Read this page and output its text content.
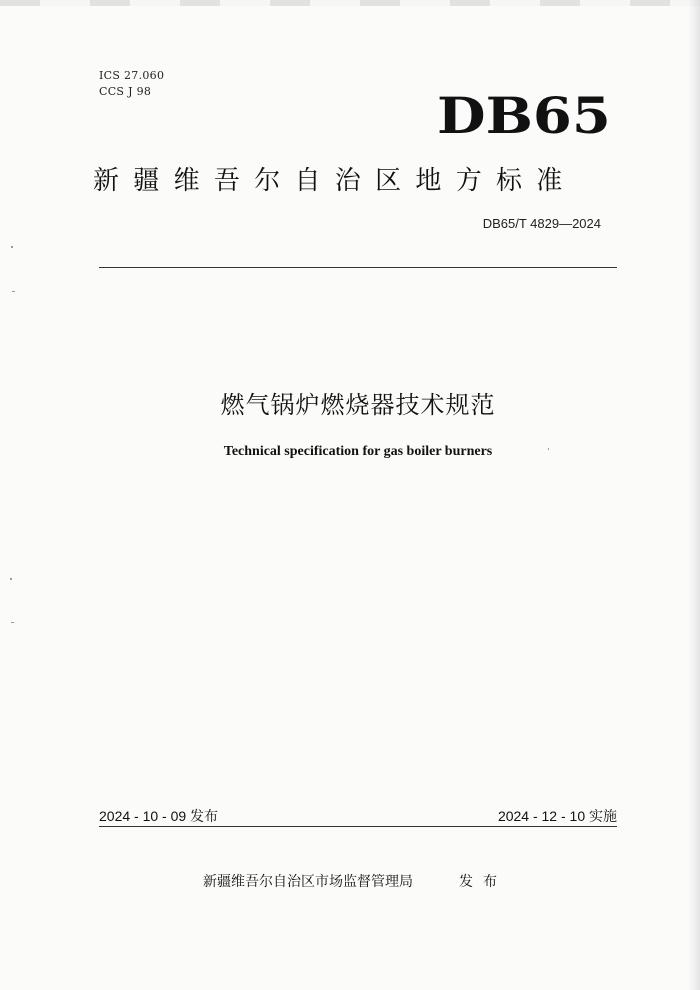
ICS 27.060
CCS J 98	DB65
新疆维吾尔自治区地方标准
DB65/T 4829—2024
燃气锅炉燃烧器技术规范
Technical specification for gas boiler burners
2024 - 10 - 09 发布	2024 - 12 - 10 实施
新疆维吾尔自治区市场监督管理局	发布
